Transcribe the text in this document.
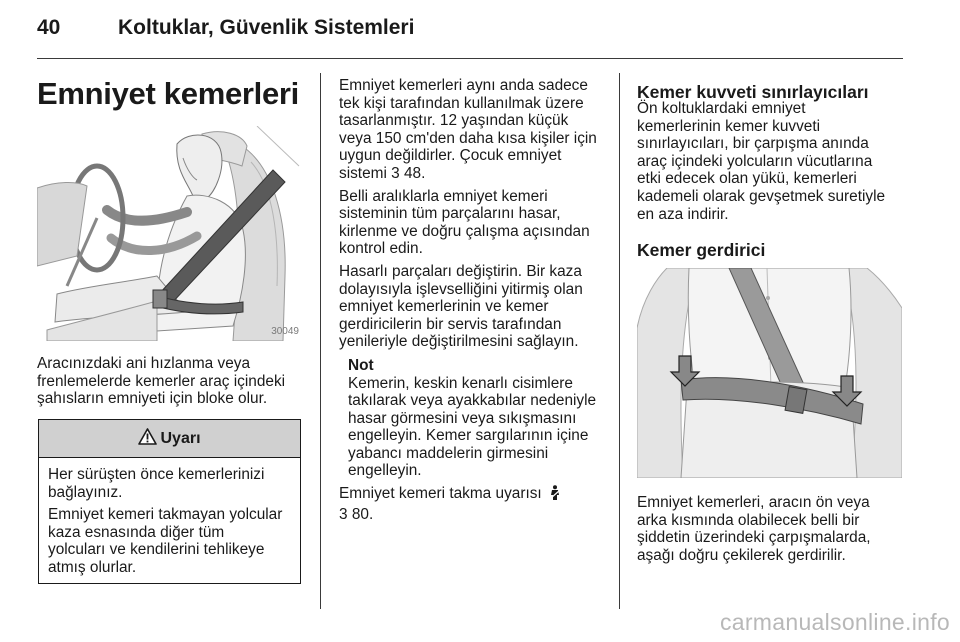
40	Koltuklar, Güvenlik Sistemleri
Emniyet kemerleri
30049
Aracınızdaki ani hızlanma veya
frenlemelerde kemerler araç içindeki
şahısların emniyeti için bloke olur.
Uyarı
Her sürüşten önce kemerlerinizi
bağlayınız.
Emniyet kemeri takmayan yolcular
kaza esnasında diğer tüm
yolcuları ve kendilerini tehlikeye
atmış olurlar.
Emniyet kemerleri aynı anda sadece
tek kişi tarafından kullanılmak üzere
tasarlanmıştır. 12 yaşından küçük
veya 150 cm'den daha kısa kişiler için
uygun değildirler. Çocuk emniyet
sistemi 3 48.
Belli aralıklarla emniyet kemeri
sisteminin tüm parçalarını hasar,
kirlenme ve doğru çalışma açısından
kontrol edin.
Hasarlı parçaları değiştirin. Bir kaza
dolayısıyla işlevselliğini yitirmiş olan
emniyet kemerlerinin ve kemer
gerdiricilerin bir servis tarafından
yenileriyle değiştirilmesini sağlayın.
Not
Kemerin, keskin kenarlı cisimlere
takılarak veya ayakkabılar nedeniyle
hasar görmesini veya sıkışmasını
engelleyin. Kemer sargılarının içine
yabancı maddelerin girmesini
engelleyin.
Emniyet kemeri takma uyarısı
3 80.
Kemer kuvveti sınırlayıcıları
Ön koltuklardaki emniyet
kemerlerinin kemer kuvveti
sınırlayıcıları, bir çarpışma anında
araç içindeki yolcuların vücutlarına
etki edecek olan yükü, kemerleri
kademeli olarak gevşetmek suretiyle
en aza indirir.
Kemer gerdirici
Emniyet kemerleri, aracın ön veya
arka kısmında olabilecek belli bir
şiddetin üzerindeki çarpışmalarda,
aşağı doğru çekilerek gerdirilir.
carmanualsonline.info
